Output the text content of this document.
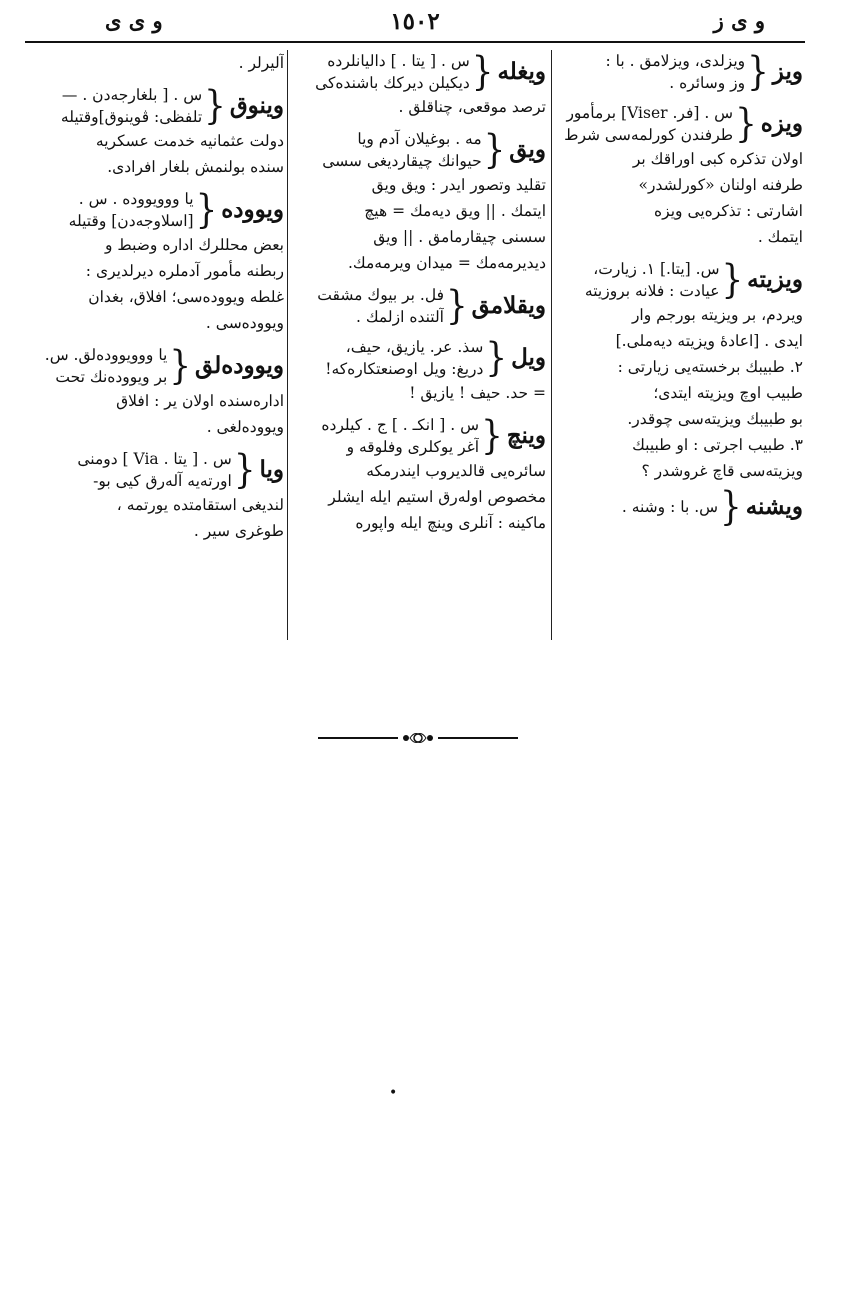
و ى ز
١٥٠٢
و ى ى
ویز
{
ويزلدى، ويزلامق . با :
وز وسائره .
ويزه
{
س . [فر. Viser] برمأمور
طرفندن كورلمەسى شرط
اولان تذكره كبى اوراقك بر
طرفنه اولنان «كورلشدر»
اشارتى : تذكرەيى ويزه
ايتمك .
ويزيته
{
س. [يتا.] ١. زيارت،
عيادت : فلانه بروزيته
ويردم، بر ويزيته بورجم وار
ايدى . [اعادهٔ ويزيته ديەملى.]
٢. طبيبك برخستەيى زيارتى :
طبيب اوچ ويزيته ايتدى؛
بو طبيبك ويزيتەسى چوقدر.
٣. طبيب اجرتى : او طبيبك
ويزيتەسى قاچ غروشدر ؟
ويشنه
{
س. با : وشنه .
ويغله
{
س . [ يتا . ] داليانلرده
ديكيلن ديركك باشندەكى
ترصد موقعى، چناقلق .
ويق
{
مه . بوغيلان آدم ويا
حيوانك چيقارديغى سسى
تقليد وتصور ايدر : ويق ويق
ايتمك . || ويق ديەمك = هيچ
سسنى چيقارمامق . || ويق
ديديرمەمك = ميدان ويرمەمك.
ويقلامق
{
فل. بر بيوك مشقت
آلتنده ازلمك .
ويل
{
سذ. عر. يازيق، حيف،
دريغ: ويل اوصنعتكارەكه!
= حد. حيف ! يازيق !
وينچ
{
س . [ انكـ . ] ج . كيلرده
آغر يوكلرى وفلوقه و
سائرەيى قالديروب ايندرمكه
مخصوص اولەرق استيم ايله ايشلر
ماكينه : آنلرى وينچ ايله واپوره
آليرلر .
وينوق
{
س . [ بلغارجەدن . —
تلفظى: ڤوينوق]وقتيله
دولت عثمانيه خدمت عسكريه
سنده بولنمش بلغار افرادى.
ويووده
{
يا ووويووده . س .
[اسلاوجەدن] وقتيله
بعض محللرك اداره وضبط و
ربطنه مأمور آدملره ديرلديرى :
غلطه ويوودەسى؛ افلاق، بغدان
ويوودەسى .
ويوودەلق
{
يا ووويوودەلق. س.
بر ويوودەنك تحت
ادارەسنده اولان ير : افلاق
ويوودەلغى .
ويا
{
س . [ يتا . Via ] دومنى
اورتەيه آلەرق كيى بو-
لنديغى استقامتده يورتمه ،
طوغرى سير .
•
